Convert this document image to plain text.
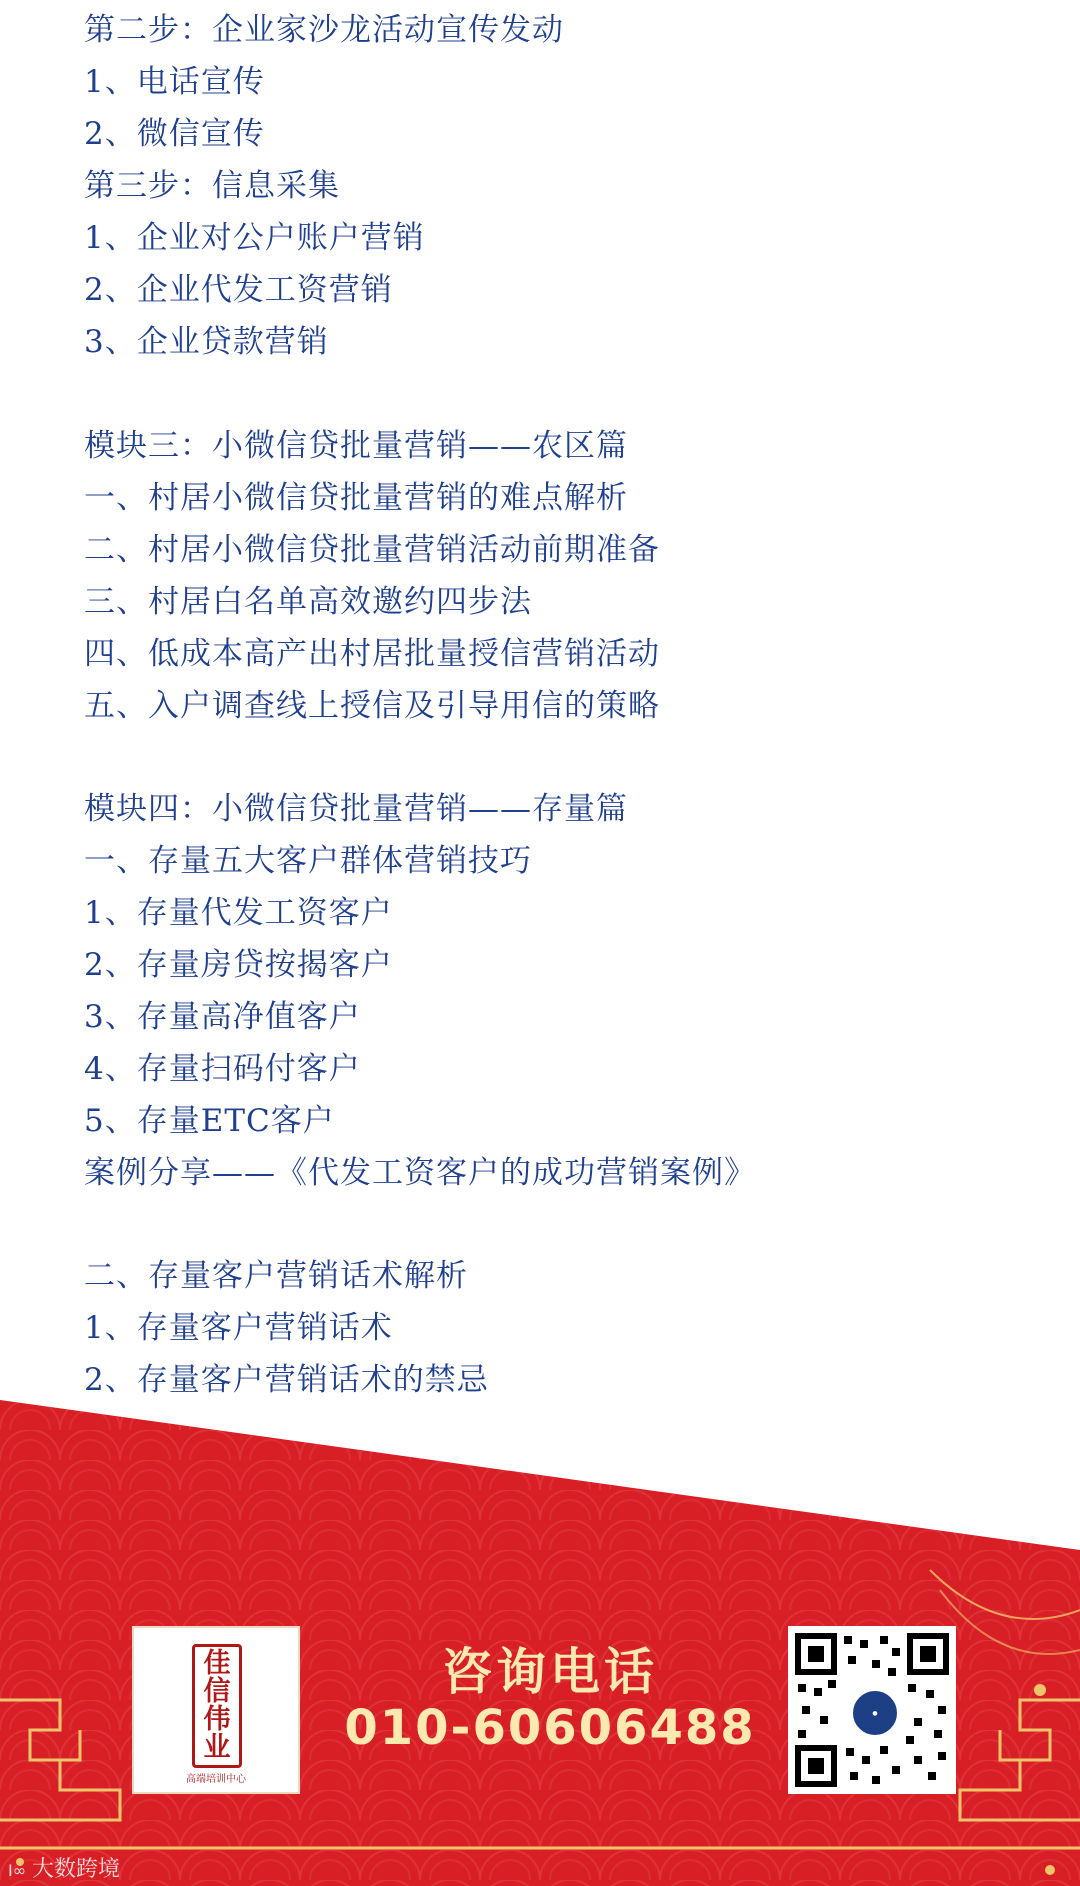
第二步：企业家沙龙活动宣传发动
1、电话宣传
2、微信宣传
第三步：信息采集
1、企业对公户账户营销
2、企业代发工资营销
3、企业贷款营销
模块三：小微信贷批量营销——农区篇
一、村居小微信贷批量营销的难点解析
二、村居小微信贷批量营销活动前期准备
三、村居白名单高效邀约四步法
四、低成本高产出村居批量授信营销活动
五、入户调查线上授信及引导用信的策略
模块四：小微信贷批量营销——存量篇
一、存量五大客户群体营销技巧
1、存量代发工资客户
2、存量房贷按揭客户
3、存量高净值客户
4、存量扫码付客户
5、存量ETC客户
案例分享——《代发工资客户的成功营销案例》
二、存量客户营销话术解析
1、存量客户营销话术
2、存量客户营销话术的禁忌
佳
信
伟
业
高端培训中心
咨询电话
010-60606488	●
Ⅰ∞ 大数跨境
